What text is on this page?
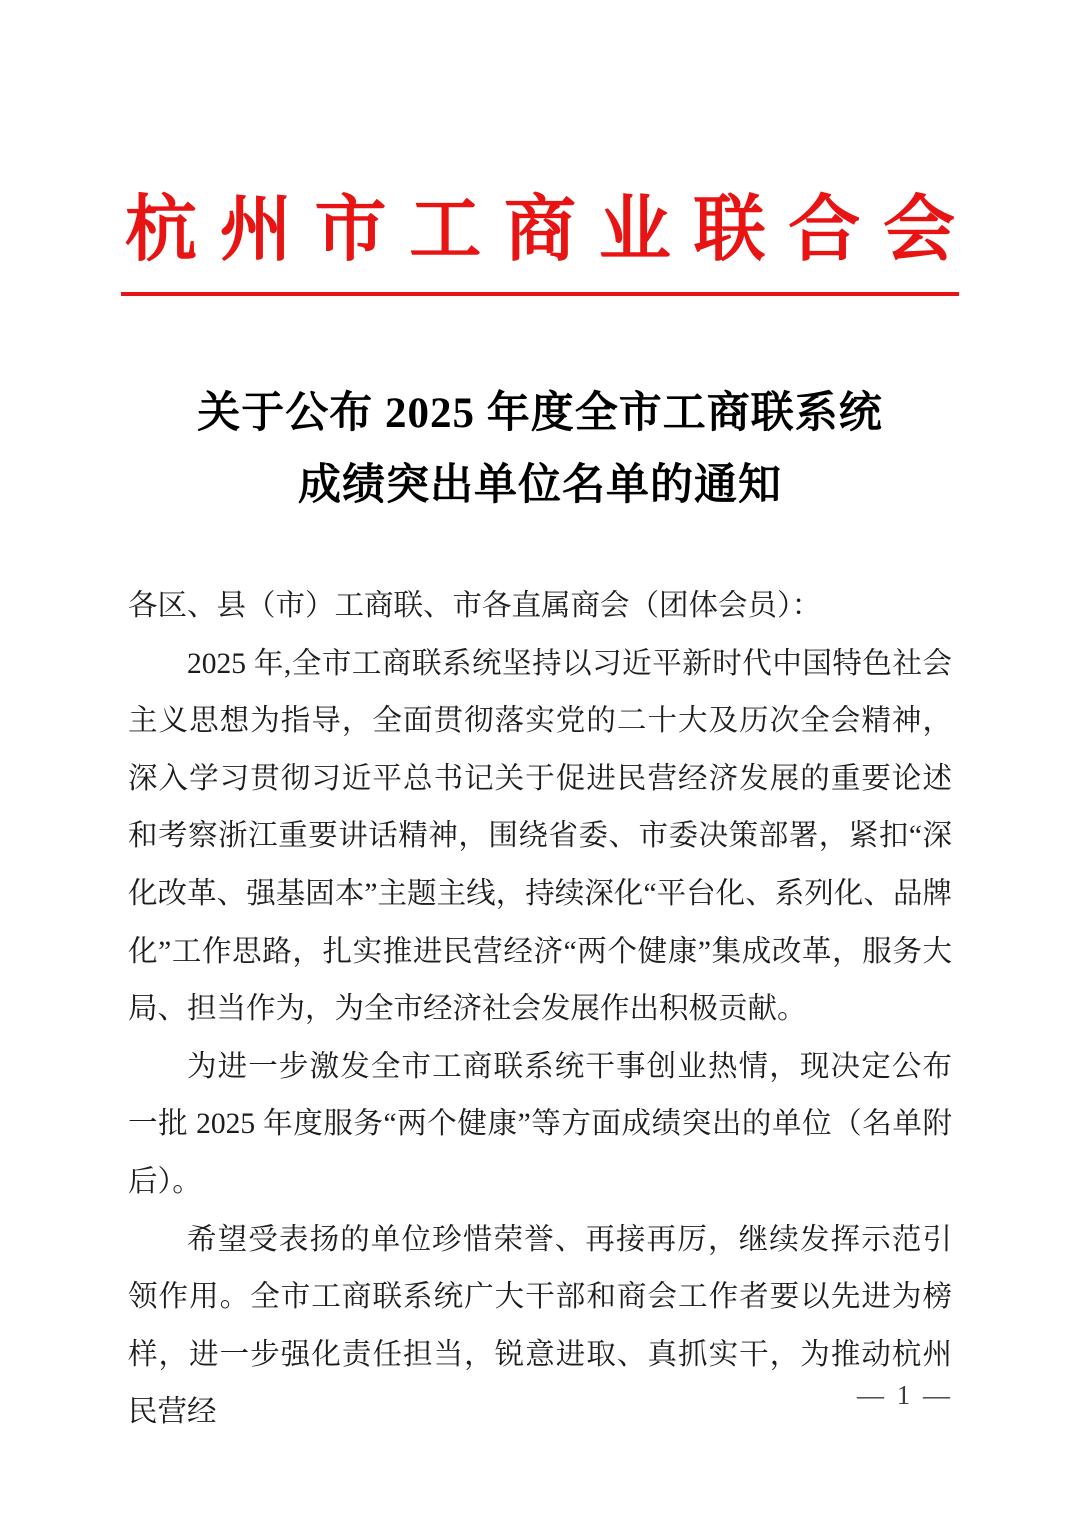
杭 州 市 工 商 业 联 合 会
关于公布 2025 年度全市工商联系统
成绩突出单位名单的通知

各区、县（市）工商联、市各直属商会（团体会员）：

2025 年,全市工商联系统坚持以习近平新时代中国特色社会主义思想为指导，全面贯彻落实党的二十大及历次全会精神，深入学习贯彻习近平总书记关于促进民营经济发展的重要论述和考察浙江重要讲话精神，围绕省委、市委决策部署，紧扣“深化改革、强基固本”主题主线，持续深化“平台化、系列化、品牌化”工作思路，扎实推进民营经济“两个健康”集成改革，服务大局、担当作为，为全市经济社会发展作出积极贡献。

为进一步激发全市工商联系统干事创业热情，现决定公布一批 2025 年度服务“两个健康”等方面成绩突出的单位（名单附后）。

希望受表扬的单位珍惜荣誉、再接再厉，继续发挥示范引领作用。全市工商联系统广大干部和商会工作者要以先进为榜样，进一步强化责任担当，锐意进取、真抓实干，为推动杭州民营经

— 1 —
